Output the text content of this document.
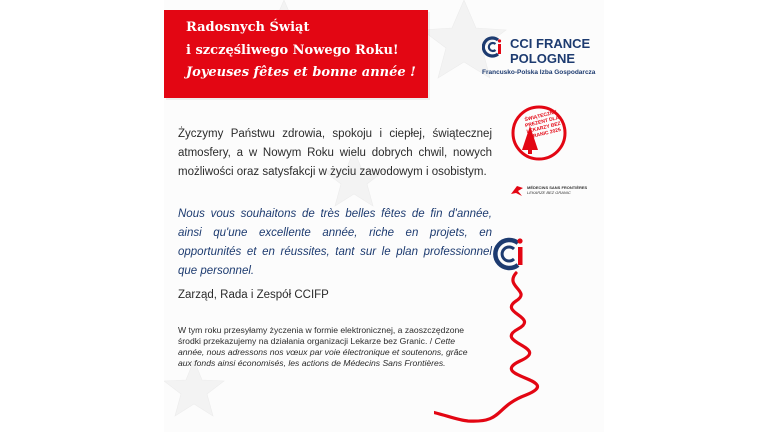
Radosnych Świąt
i szczęśliwego Nowego Roku!
Joyeuses fêtes et bonne année !
CCI FRANCE
POLOGNE
Francusko-Polska Izba Gospodarcza
ŚWIĄTECZNY PREZENT DLA LEKARZY BEZ GRANIC 2025
MÉDECINS SANS FRONTIÈRES
LEKARZE BEZ GRANIC
Życzymy Państwu zdrowia, spokoju i ciepłej, świątecznej atmosfery, a w Nowym Roku wielu dobrych chwil, nowych możliwości oraz satysfakcji w życiu zawodowym i osobistym.
Nous vous souhaitons de très belles fêtes de fin d'année, ainsi qu'une excellente année, riche en projets, en opportunités et en réussites, tant sur le plan professionnel que personnel.
Zarząd, Rada i Zespół CCIFP
W tym roku przesyłamy życzenia w formie elektronicznej, a zaoszczędzone środki przekazujemy na działania organizacji Lekarze bez Granic. / Cette année, nous adressons nos vœux par voie électronique et soutenons, grâce aux fonds ainsi économisés, les actions de Médecins Sans Frontières.
